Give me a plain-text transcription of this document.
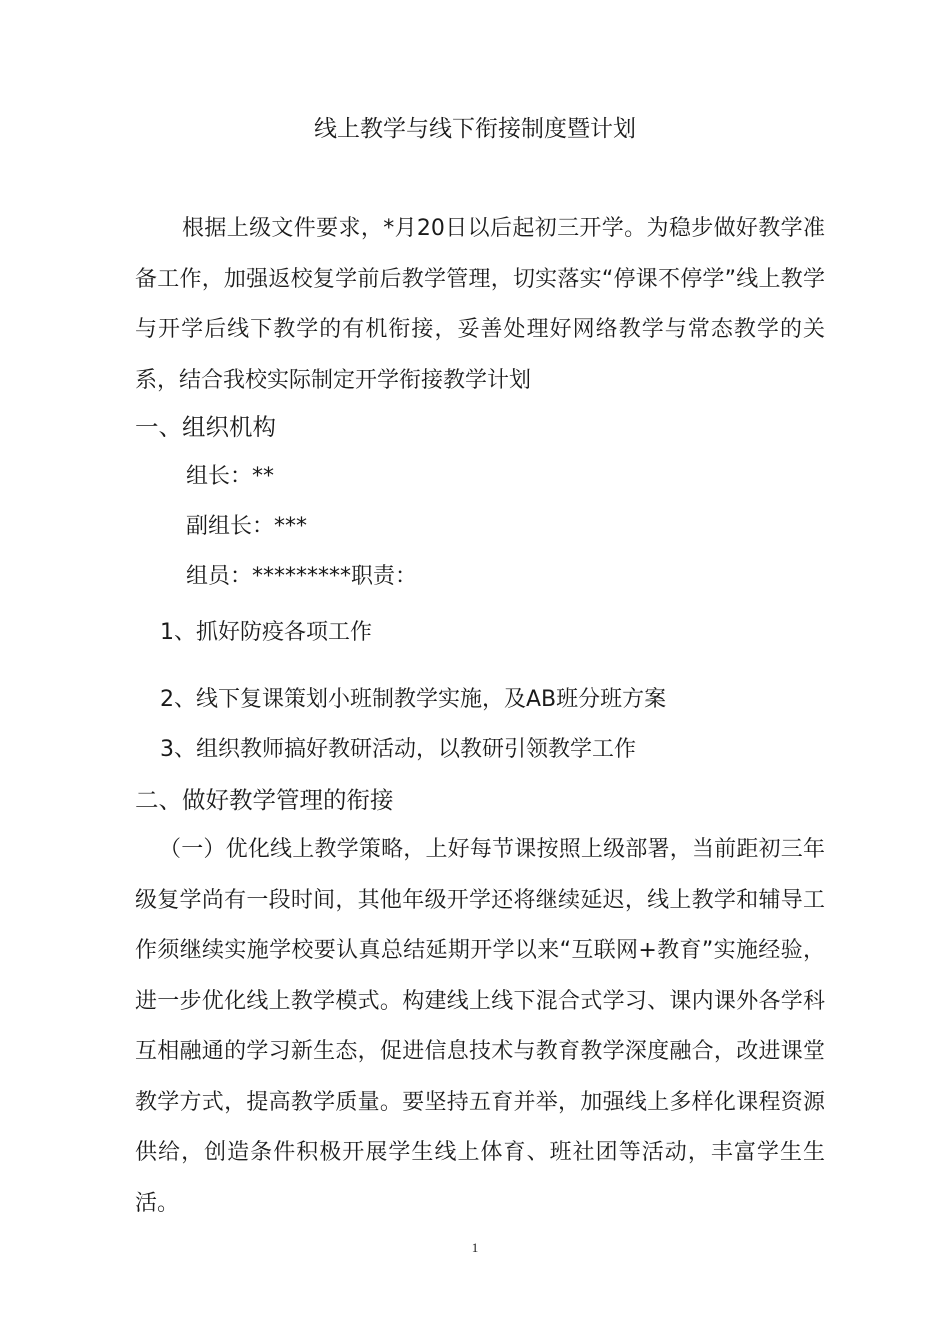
线上教学与线下衔接制度暨计划

根据上级文件要求，*月20日以后起初三开学。为稳步做好教学准备工作，加强返校复学前后教学管理，切实落实“停课不停学”线上教学与开学后线下教学的有机衔接，妥善处理好网络教学与常态教学的关系，结合我校实际制定开学衔接教学计划

一、组织机构
组长：**
副组长：***
组员：*********职责：
1、抓好防疫各项工作
2、线下复课策划小班制教学实施，及AB班分班方案
3、组织教师搞好教研活动，以教研引领教学工作
二、做好教学管理的衔接

（一）优化线上教学策略，上好每节课按照上级部署，当前距初三年级复学尚有一段时间，其他年级开学还将继续延迟，线上教学和辅导工作须继续实施学校要认真总结延期开学以来“互联网+教育”实施经验，进一步优化线上教学模式。构建线上线下混合式学习、课内课外各学科互相融通的学习新生态，促进信息技术与教育教学深度融合，改进课堂教学方式，提高教学质量。要坚持五育并举，加强线上多样化课程资源供给，创造条件积极开展学生线上体育、班社团等活动，丰富学生生活。

1
